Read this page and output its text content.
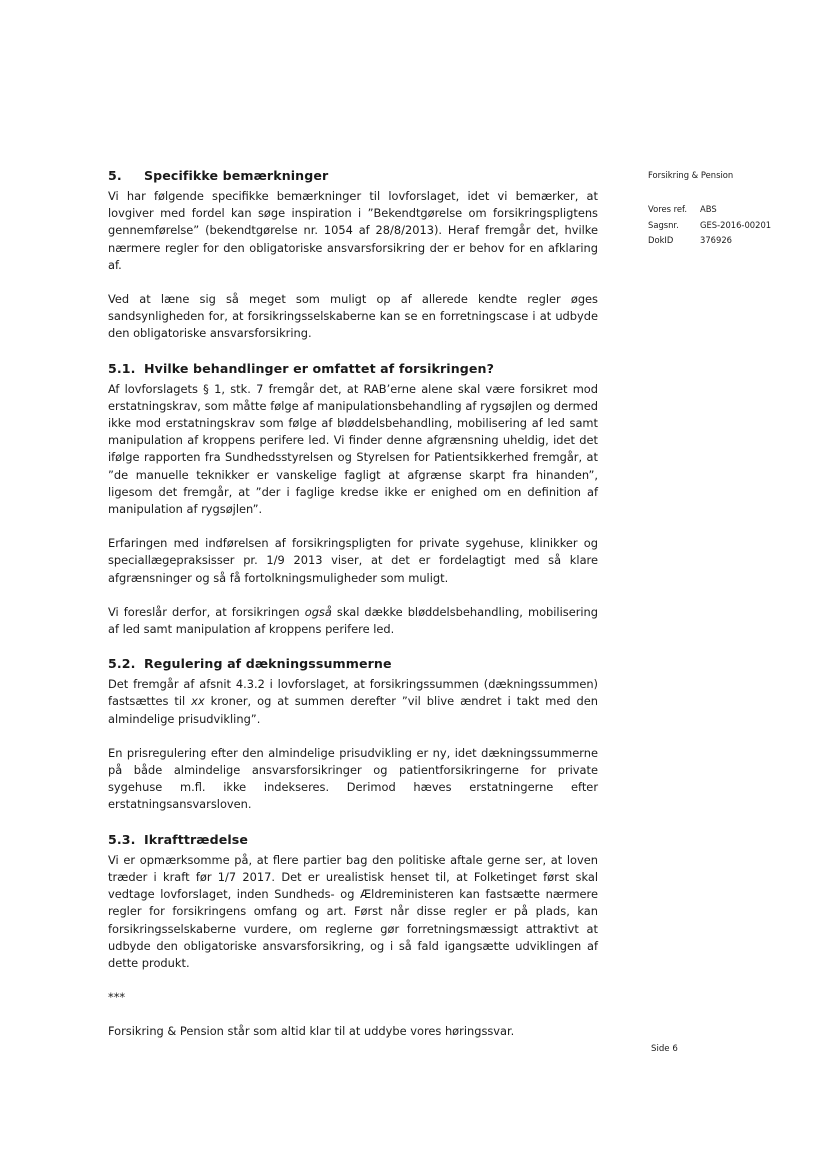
Forsikring & Pension
Vores ref.	ABS
Sagsnr.	GES-2016-00201
DokID	376926
5. Specifikke bemærkninger

Vi har følgende specifikke bemærkninger til lovforslaget, idet vi bemærker, at lovgiver med fordel kan søge inspiration i ”Bekendtgørelse om forsikringspligtens gennemførelse” (bekendtgørelse nr. 1054 af 28/8/2013). Heraf fremgår det, hvilke nærmere regler for den obligatoriske ansvarsforsikring der er behov for en afklaring af.

Ved at læne sig så meget som muligt op af allerede kendte regler øges sandsynligheden for, at forsikringsselskaberne kan se en forretningscase i at udbyde den obligatoriske ansvarsforsikring.

5.1. Hvilke behandlinger er omfattet af forsikringen?

Af lovforslagets § 1, stk. 7 fremgår det, at RAB’erne alene skal være forsikret mod erstatningskrav, som måtte følge af manipulationsbehandling af rygsøjlen og dermed ikke mod erstatningskrav som følge af bløddelsbehandling, mobilisering af led samt manipulation af kroppens perifere led. Vi finder denne afgrænsning uheldig, idet det ifølge rapporten fra Sundhedsstyrelsen og Styrelsen for Patientsikkerhed fremgår, at ”de manuelle teknikker er vanskelige fagligt at afgrænse skarpt fra hinanden”, ligesom det fremgår, at ”der i faglige kredse ikke er enighed om en definition af manipulation af rygsøjlen”.

Erfaringen med indførelsen af forsikringspligten for private sygehuse, klinikker og speciallægepraksisser pr. 1/9 2013 viser, at det er fordelagtigt med så klare afgrænsninger og så få fortolkningsmuligheder som muligt.

Vi foreslår derfor, at forsikringen også skal dække bløddelsbehandling, mobilisering af led samt manipulation af kroppens perifere led.

5.2. Regulering af dækningssummerne

Det fremgår af afsnit 4.3.2 i lovforslaget, at forsikringssummen (dækningssummen) fastsættes til xx kroner, og at summen derefter ”vil blive ændret i takt med den almindelige prisudvikling”.

En prisregulering efter den almindelige prisudvikling er ny, idet dækningssummerne på både almindelige ansvarsforsikringer og patientforsikringerne for private sygehuse m.fl. ikke indekseres. Derimod hæves erstatningerne efter erstatningsansvarsloven.

5.3. Ikrafttrædelse

Vi er opmærksomme på, at flere partier bag den politiske aftale gerne ser, at loven træder i kraft før 1/7 2017. Det er urealistisk henset til, at Folketinget først skal vedtage lovforslaget, inden Sundheds- og Ældreministeren kan fastsætte nærmere regler for forsikringens omfang og art. Først når disse regler er på plads, kan forsikringsselskaberne vurdere, om reglerne gør forretningsmæssigt attraktivt at udbyde den obligatoriske ansvarsforsikring, og i så fald igangsætte udviklingen af dette produkt.

***

Forsikring & Pension står som altid klar til at uddybe vores høringssvar.

Side 6
